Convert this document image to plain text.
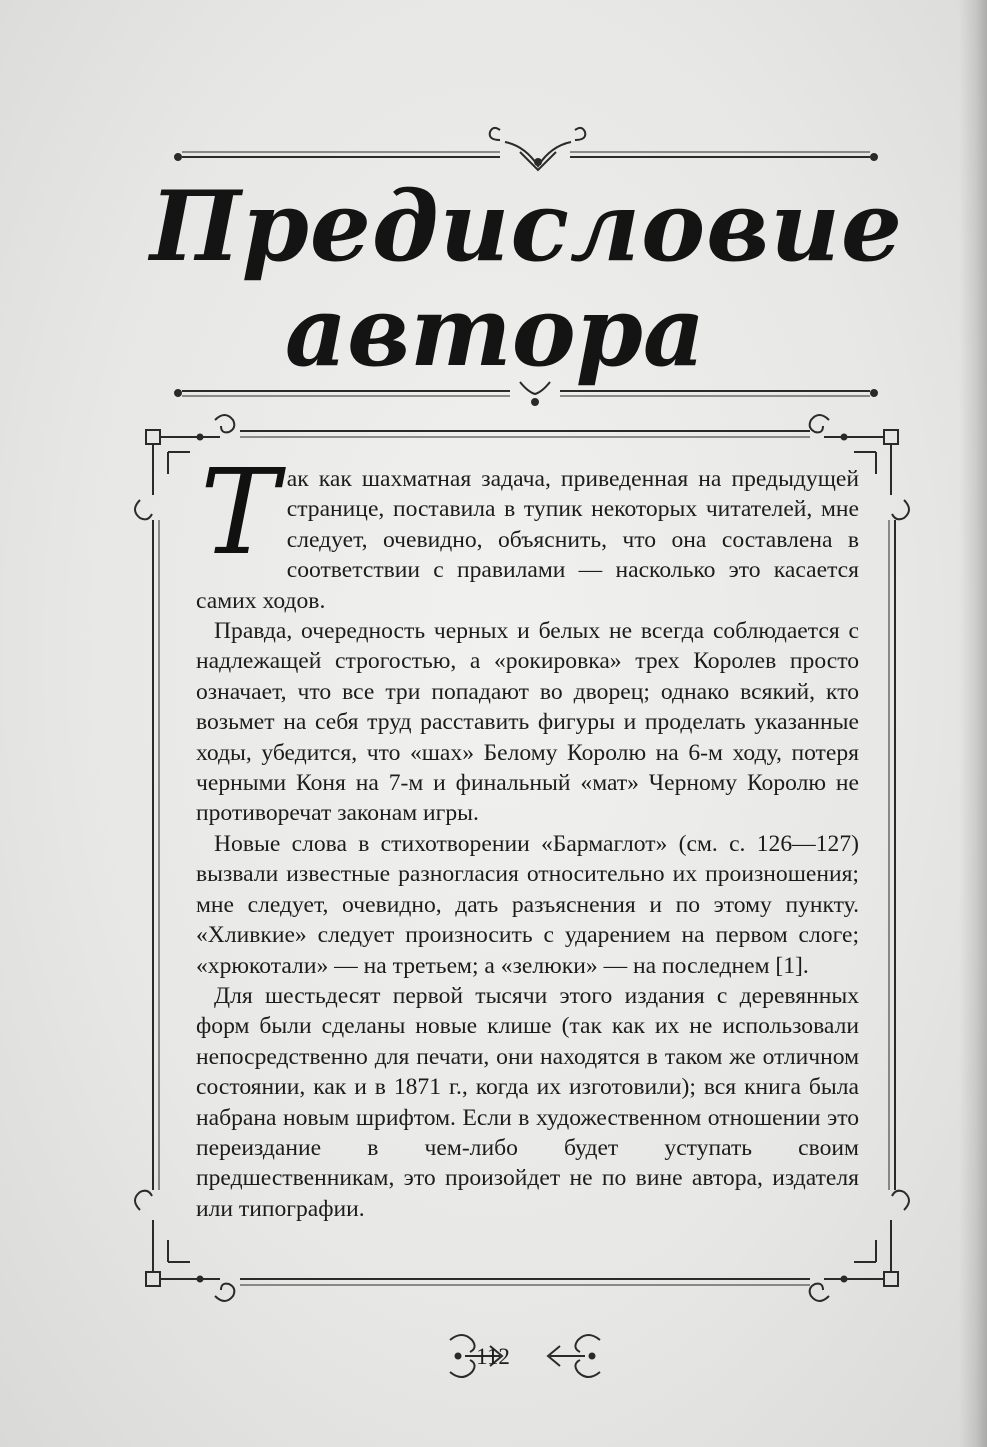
Предисловие
автора

Так как шахматная задача, приведенная на предыдущей странице, поставила в тупик некоторых читателей, мне следует, очевидно, объяснить, что она составлена в соответствии с правилами — насколько это касается самих ходов.

Правда, очередность черных и белых не всегда соблюдается с надлежащей строгостью, а «рокировка» трех Королев просто означает, что все три попадают во дворец; однако всякий, кто возьмет на себя труд расставить фигуры и проделать указанные ходы, убедится, что «шах» Белому Королю на 6-м ходу, потеря черными Коня на 7-м и финальный «мат» Черному Королю не противоречат законам игры.

Новые слова в стихотворении «Бармаглот» (см. с. 126—127) вызвали известные разногласия относительно их произношения; мне следует, очевидно, дать разъяснения и по этому пункту. «Хливкие» следует произносить с ударением на первом слоге; «хрюкотали» — на третьем; а «зелюки» — на последнем [1].

Для шестьдесят первой тысячи этого издания с деревянных форм были сделаны новые клише (так как их не использовали непосредственно для печати, они находятся в таком же отличном состоянии, как и в 1871 г., когда их изготовили); вся книга была набрана новым шрифтом. Если в художественном отношении это переиздание в чем-либо будет уступать своим предшественникам, это произойдет не по вине автора, издателя или типографии.

112
